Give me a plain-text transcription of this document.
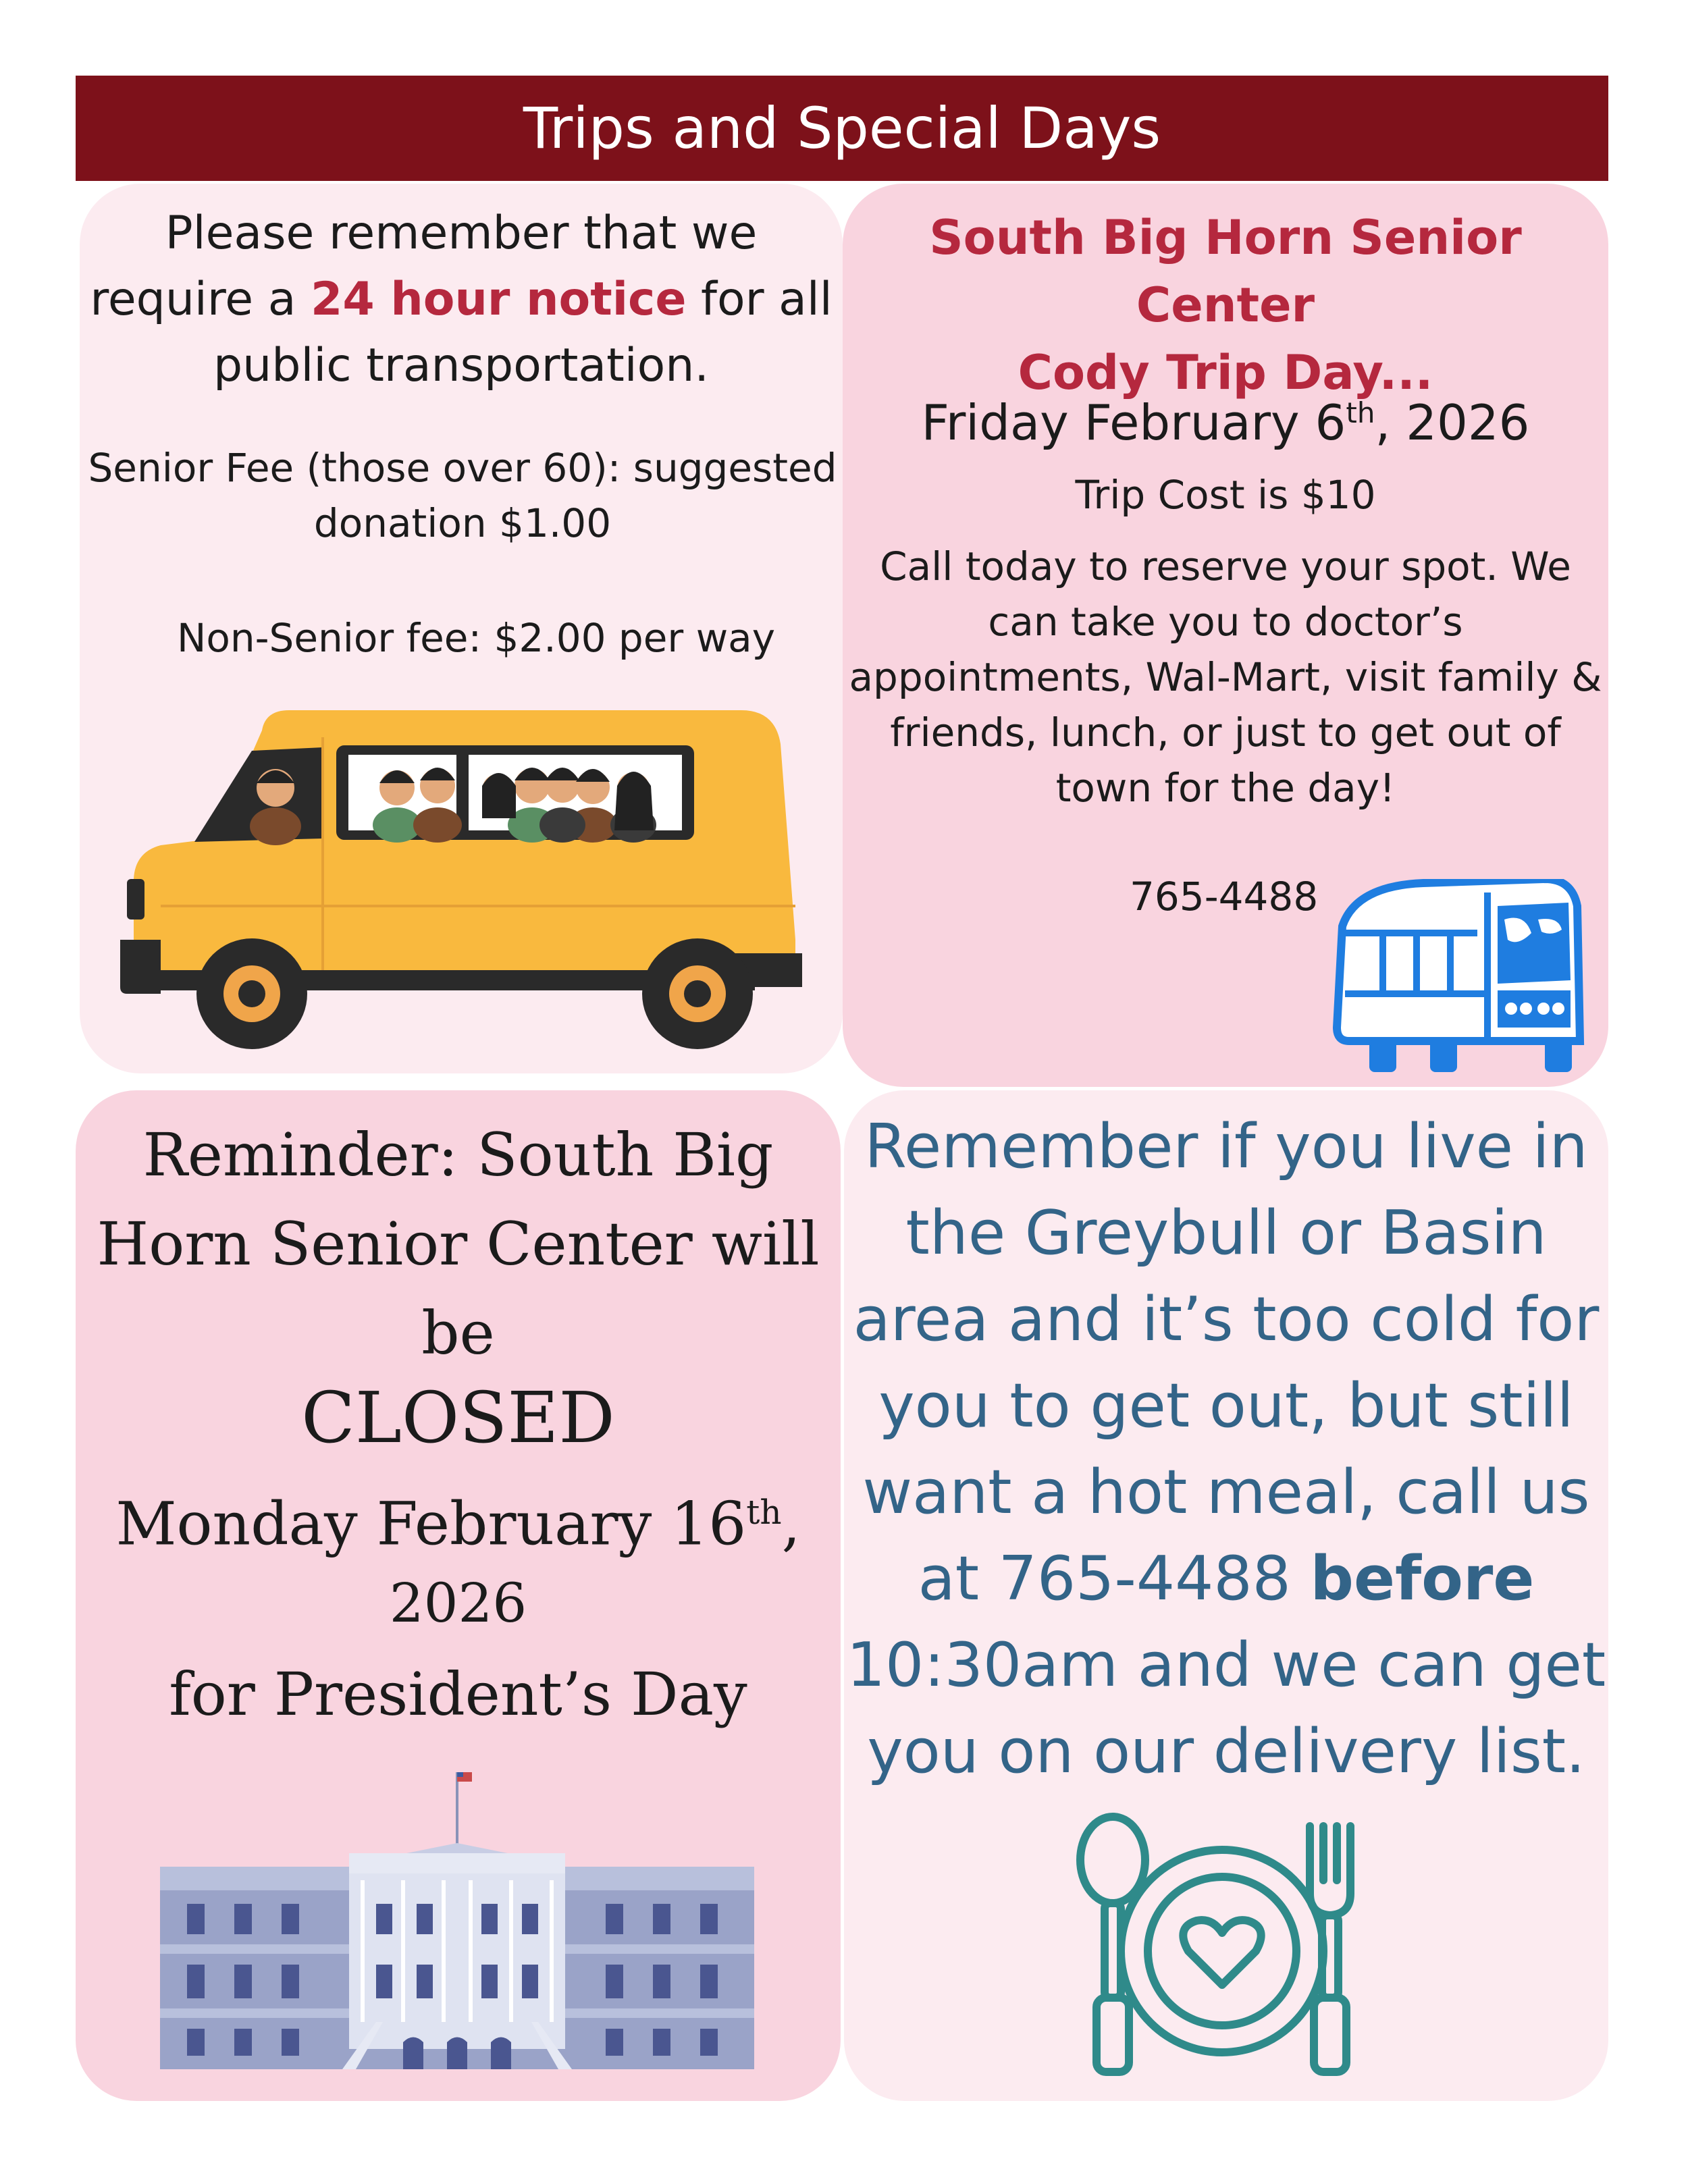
Trips and Special Days
Please remember that we
require a 24 hour notice for all
public transportation.
Senior Fee (those over 60): suggested
donation $1.00
Non-Senior fee: $2.00 per way
South Big Horn Senior Center
Cody Trip Day...
Friday February 6th, 2026
Trip Cost is $10
Call today to reserve your spot. We
can take you to doctor’s
appointments, Wal-Mart, visit family &
friends, lunch, or just to get out of
town for the day!
765-4488
Reminder: South Big
Horn Senior Center will
be
CLOSED
Monday February 16th,
2026
for President’s Day
Remember if you live in
the Greybull or Basin
area and it’s too cold for
you to get out, but still
want a hot meal, call us
at 765-4488 before
10:30am and we can get
you on our delivery list.
